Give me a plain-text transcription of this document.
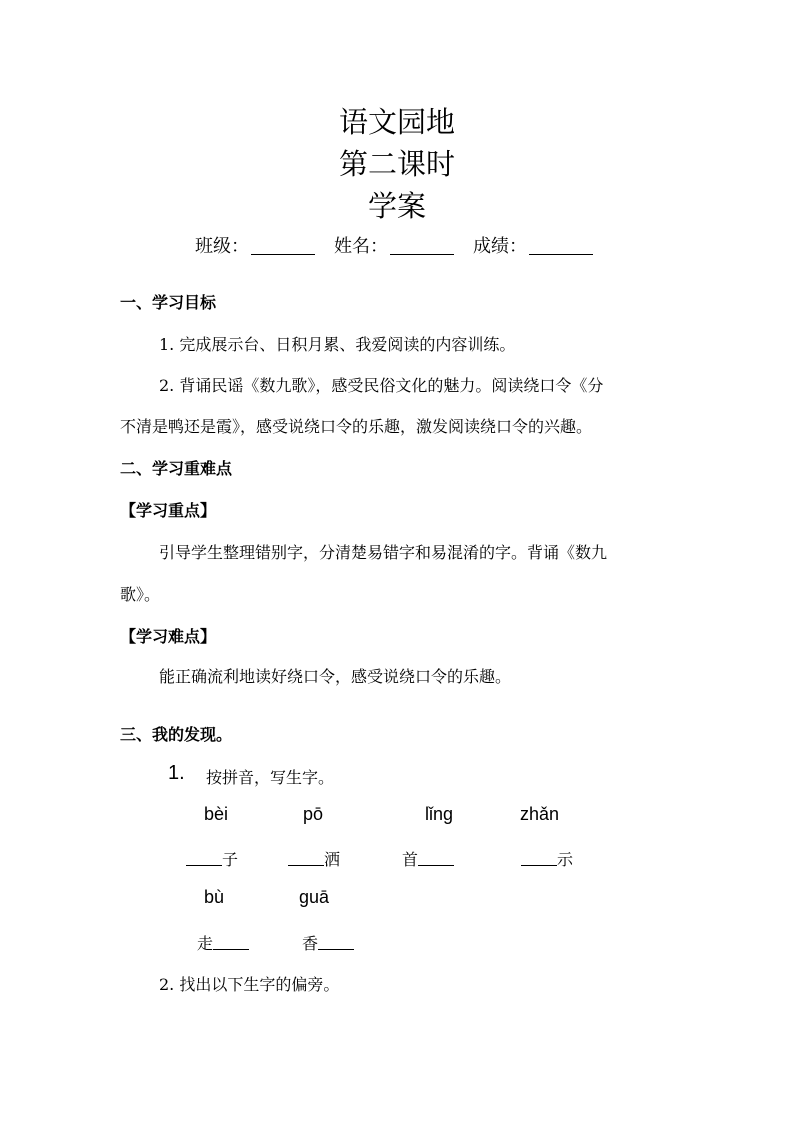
语文园地
第二课时
学案
班级：	姓名：	成绩：
一、学习目标
1. 完成展示台、日积月累、我爱阅读的内容训练。
2. 背诵民谣《数九歌》，感受民俗文化的魅力。阅读绕口令《分
不清是鸭还是霞》，感受说绕口令的乐趣，激发阅读绕口令的兴趣。
二、学习重难点
【学习重点】
引导学生整理错别字，分清楚易错字和易混淆的字。背诵《数九
歌》。
【学习难点】
能正确流利地读好绕口令，感受说绕口令的乐趣。
三、我的发现。
1. 按拼音，写生字。
bèi	pō	lǐng	zhǎn
子	洒	首	示
bù	guā
走	香
2. 找出以下生字的偏旁。
